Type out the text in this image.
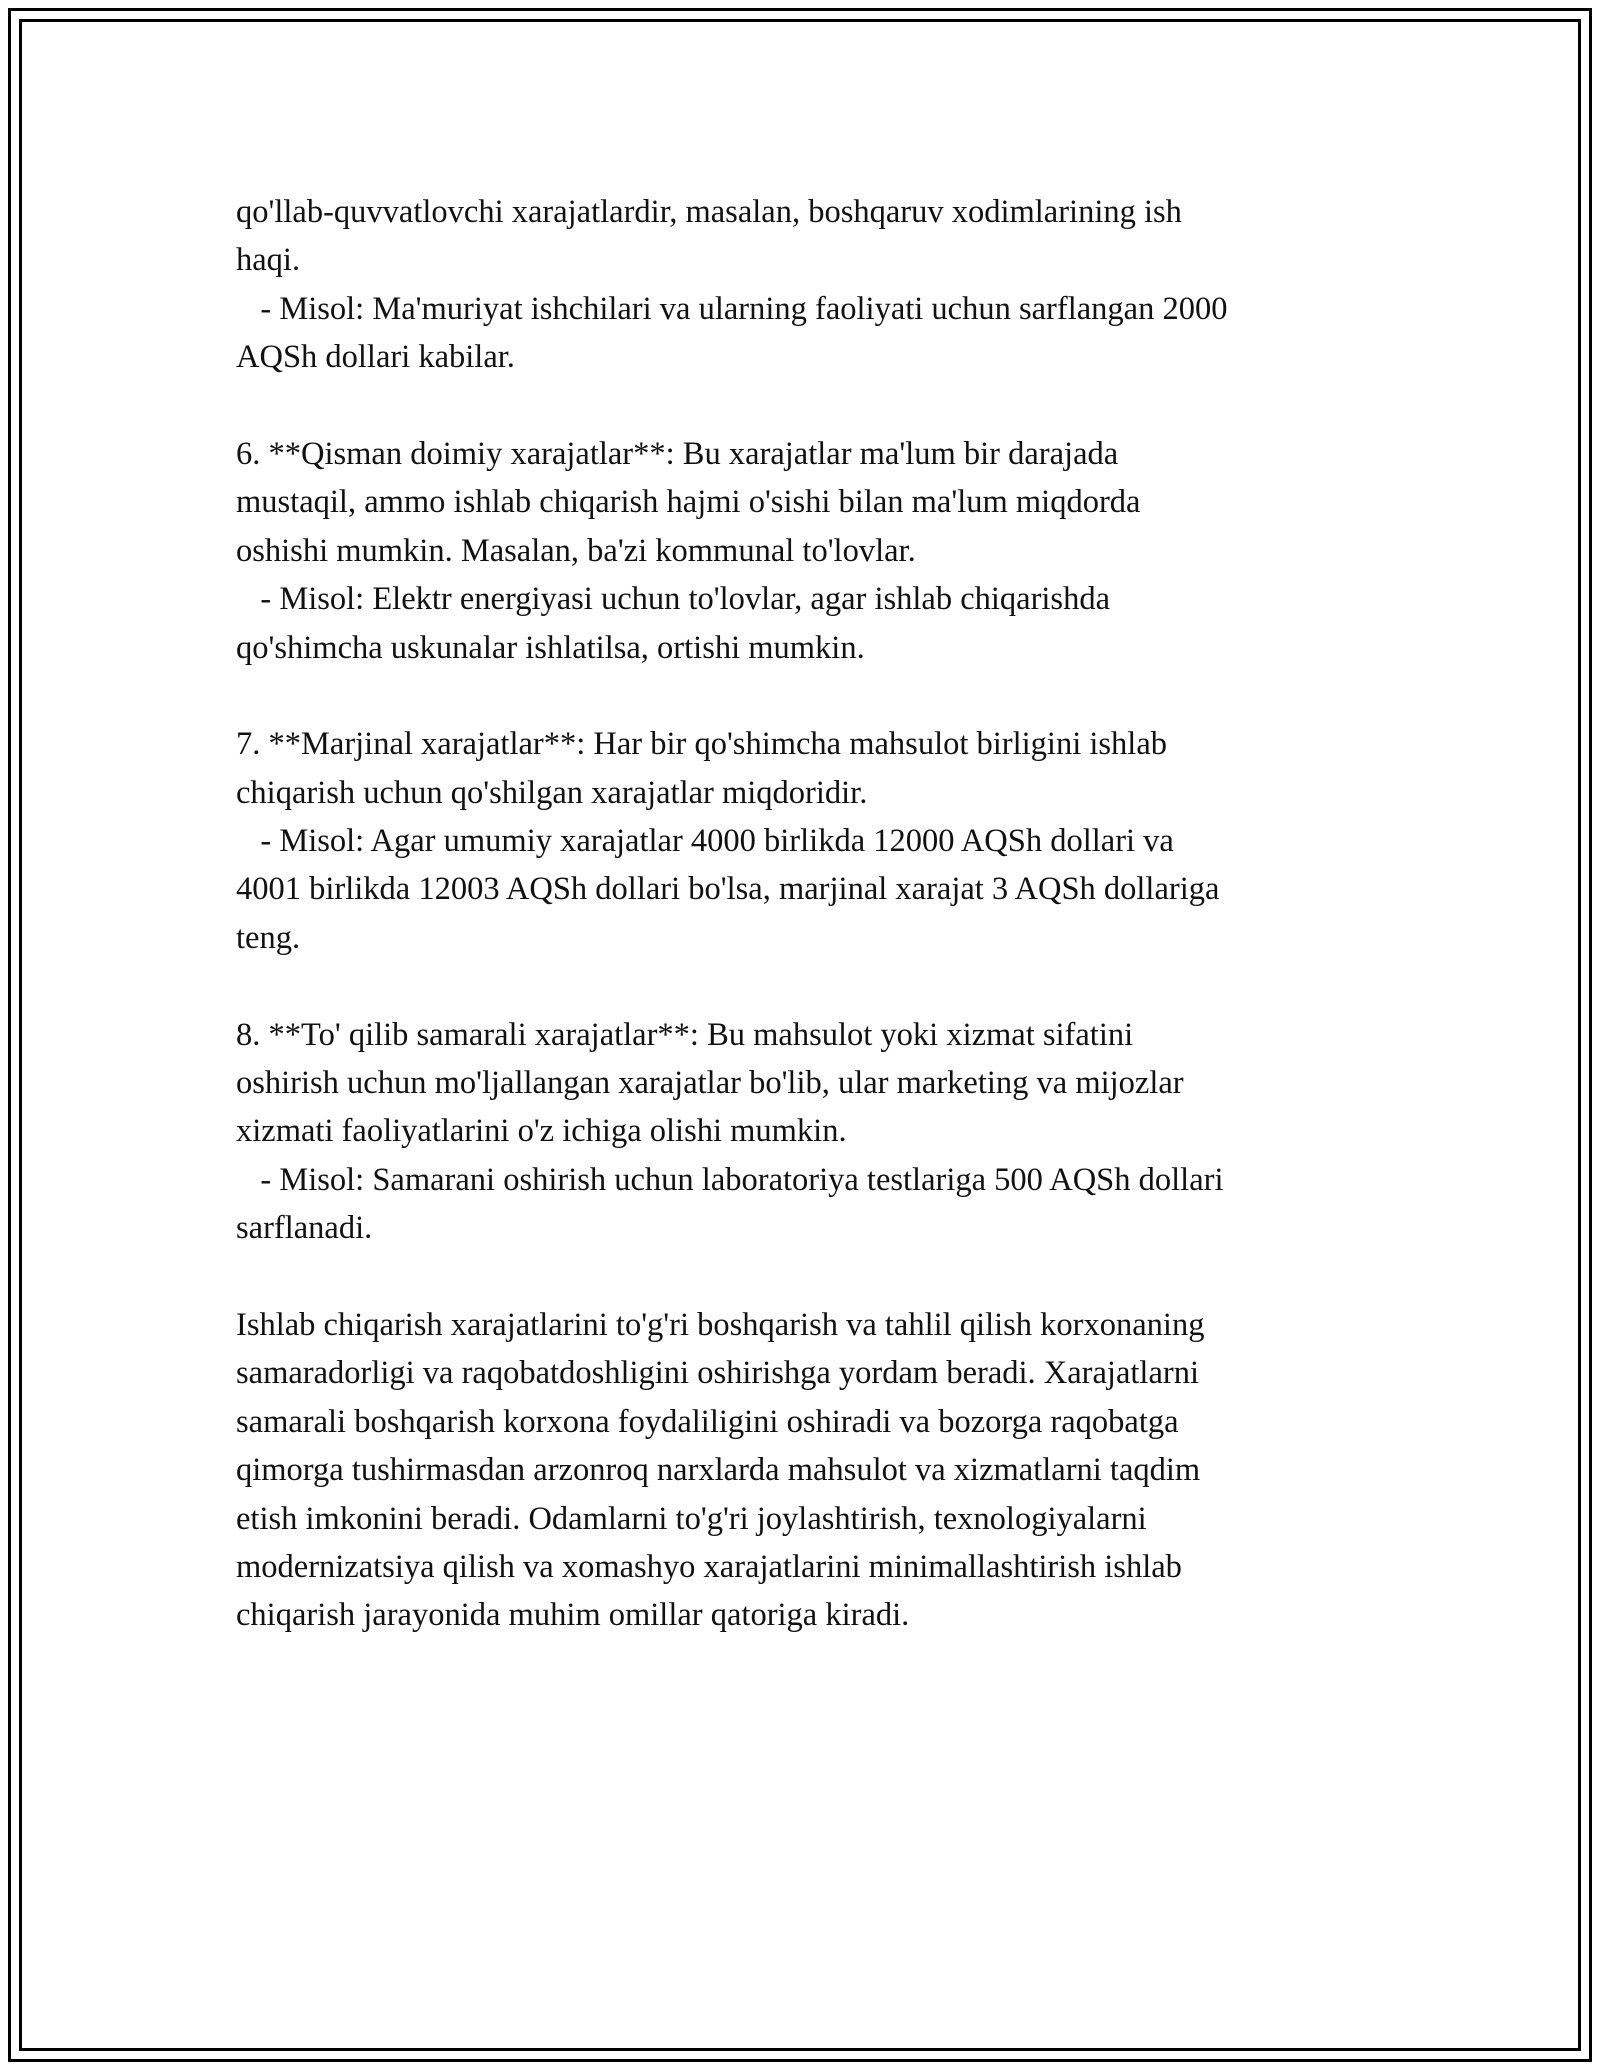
qo'llab-quvvatlovchi xarajatlardir, masalan, boshqaruv xodimlarining ish
haqi.
- Misol: Ma'muriyat ishchilari va ularning faoliyati uchun sarflangan 2000
AQSh dollari kabilar.
6. **Qisman doimiy xarajatlar**: Bu xarajatlar ma'lum bir darajada
mustaqil, ammo ishlab chiqarish hajmi o'sishi bilan ma'lum miqdorda
oshishi mumkin. Masalan, ba'zi kommunal to'lovlar.
- Misol: Elektr energiyasi uchun to'lovlar, agar ishlab chiqarishda
qo'shimcha uskunalar ishlatilsa, ortishi mumkin.
7. **Marjinal xarajatlar**: Har bir qo'shimcha mahsulot birligini ishlab
chiqarish uchun qo'shilgan xarajatlar miqdoridir.
- Misol: Agar umumiy xarajatlar 4000 birlikda 12000 AQSh dollari va
4001 birlikda 12003 AQSh dollari bo'lsa, marjinal xarajat 3 AQSh dollariga
teng.
8. **To' qilib samarali xarajatlar**: Bu mahsulot yoki xizmat sifatini
oshirish uchun mo'ljallangan xarajatlar bo'lib, ular marketing va mijozlar
xizmati faoliyatlarini o'z ichiga olishi mumkin.
- Misol: Samarani oshirish uchun laboratoriya testlariga 500 AQSh dollari
sarflanadi.
Ishlab chiqarish xarajatlarini to'g'ri boshqarish va tahlil qilish korxonaning
samaradorligi va raqobatdoshligini oshirishga yordam beradi. Xarajatlarni
samarali boshqarish korxona foydaliligini oshiradi va bozorga raqobatga
qimorga tushirmasdan arzonroq narxlarda mahsulot va xizmatlarni taqdim
etish imkonini beradi. Odamlarni to'g'ri joylashtirish, texnologiyalarni
modernizatsiya qilish va xomashyo xarajatlarini minimallashtirish ishlab
chiqarish jarayonida muhim omillar qatoriga kiradi.
